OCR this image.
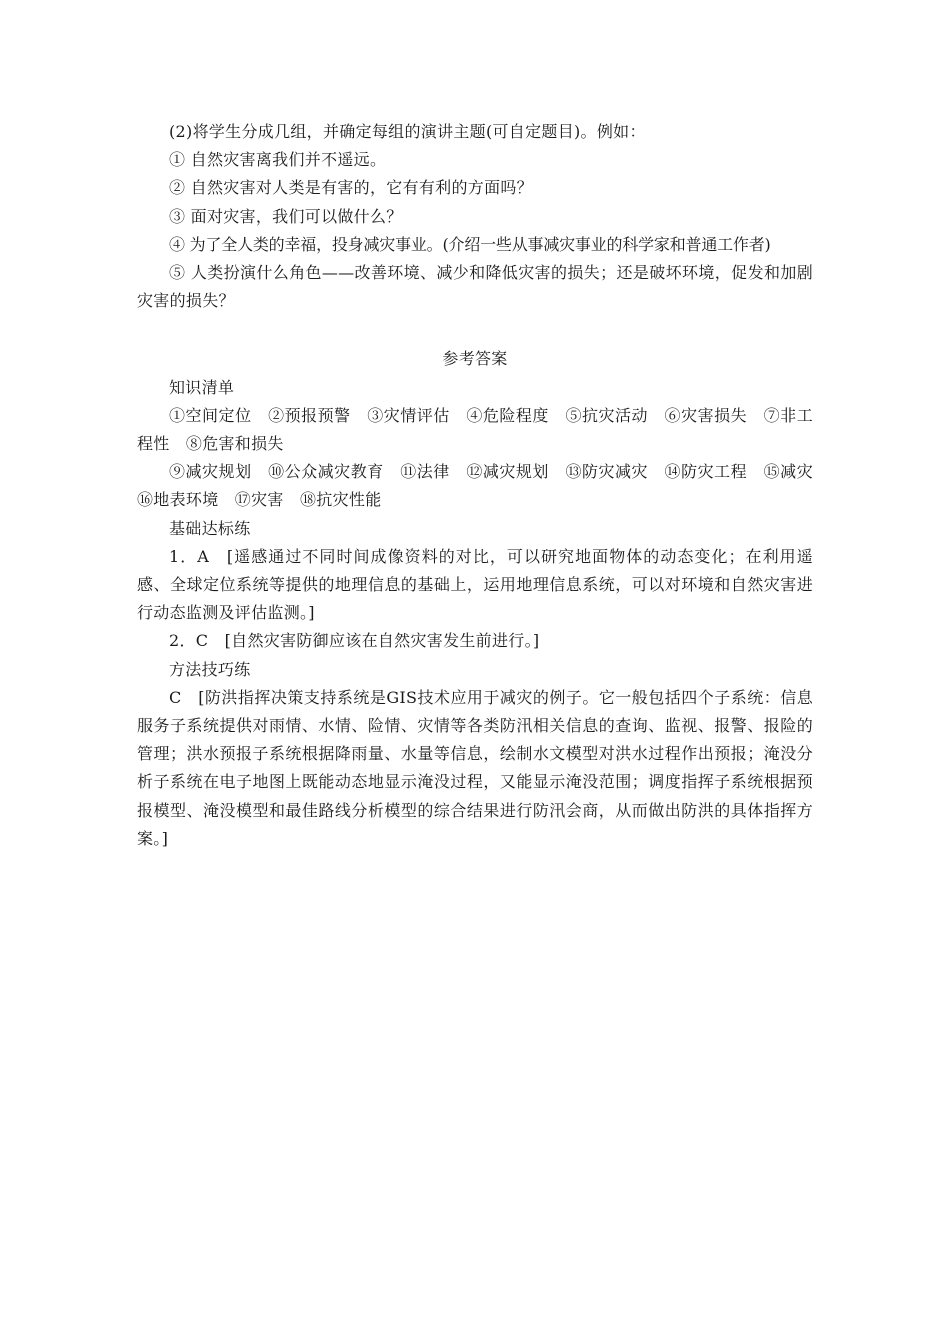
(2)将学生分成几组，并确定每组的演讲主题(可自定题目)。例如：
① 自然灾害离我们并不遥远。
② 自然灾害对人类是有害的，它有有利的方面吗？
③ 面对灾害，我们可以做什么？
④ 为了全人类的幸福，投身减灾事业。(介绍一些从事减灾事业的科学家和普通工作者)
⑤ 人类扮演什么角色——改善环境、减少和降低灾害的损失；还是破坏环境，促发和加剧灾害的损失？
参考答案
知识清单
①空间定位　②预报预警　③灾情评估　④危险程度　⑤抗灾活动　⑥灾害损失　⑦非工程性　⑧危害和损失
⑨减灾规划　⑩公众减灾教育　⑪法律　⑫减灾规划　⑬防灾减灾　⑭防灾工程　⑮减灾　⑯地表环境　⑰灾害　⑱抗灾性能
基础达标练
1．A　[遥感通过不同时间成像资料的对比，可以研究地面物体的动态变化；在利用遥感、全球定位系统等提供的地理信息的基础上，运用地理信息系统，可以对环境和自然灾害进行动态监测及评估监测。]
2．C　[自然灾害防御应该在自然灾害发生前进行。]
方法技巧练
C　[防洪指挥决策支持系统是GIS技术应用于减灾的例子。它一般包括四个子系统：信息服务子系统提供对雨情、水情、险情、灾情等各类防汛相关信息的查询、监视、报警、报险的管理；洪水预报子系统根据降雨量、水量等信息，绘制水文模型对洪水过程作出预报；淹没分析子系统在电子地图上既能动态地显示淹没过程，又能显示淹没范围；调度指挥子系统根据预报模型、淹没模型和最佳路线分析模型的综合结果进行防汛会商，从而做出防洪的具体指挥方案。]
